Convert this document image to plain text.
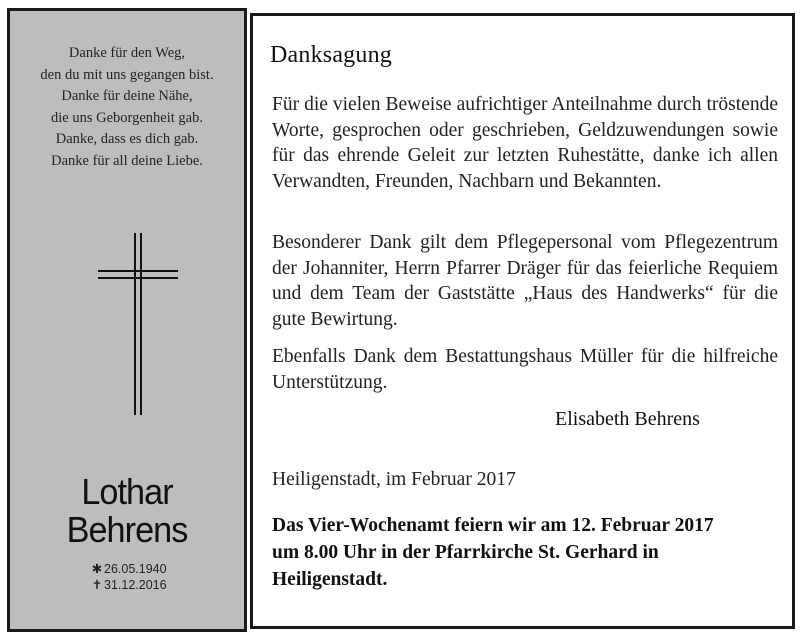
Danke für den Weg,
den du mit uns gegangen bist.
Danke für deine Nähe,
die uns Geborgenheit gab.
Danke, dass es dich gab.
Danke für all deine Liebe.
Lothar
Behrens
✱ 26.05.1940
✝ 31.12.2016
Danksagung
Für die vielen Beweise aufrichtiger Anteilnahme durch tröstende Worte, gesprochen oder geschrieben, Geldzuwendungen sowie für das ehrende Geleit zur letzten Ruhestätte, danke ich allen Verwandten, Freunden, Nachbarn und Bekannten.
Besonderer Dank gilt dem Pflegepersonal vom Pflegezentrum der Johanniter, Herrn Pfarrer Dräger für das feierliche Requiem und dem Team der Gaststätte „Haus des Handwerks“ für die gute Bewirtung.
Ebenfalls Dank dem Bestattungshaus Müller für die hilfreiche Unterstützung.
Elisabeth Behrens
Heiligenstadt, im Februar 2017
Das Vier-Wochenamt feiern wir am 12. Februar 2017
um 8.00 Uhr in der Pfarrkirche St. Gerhard in
Heiligenstadt.
